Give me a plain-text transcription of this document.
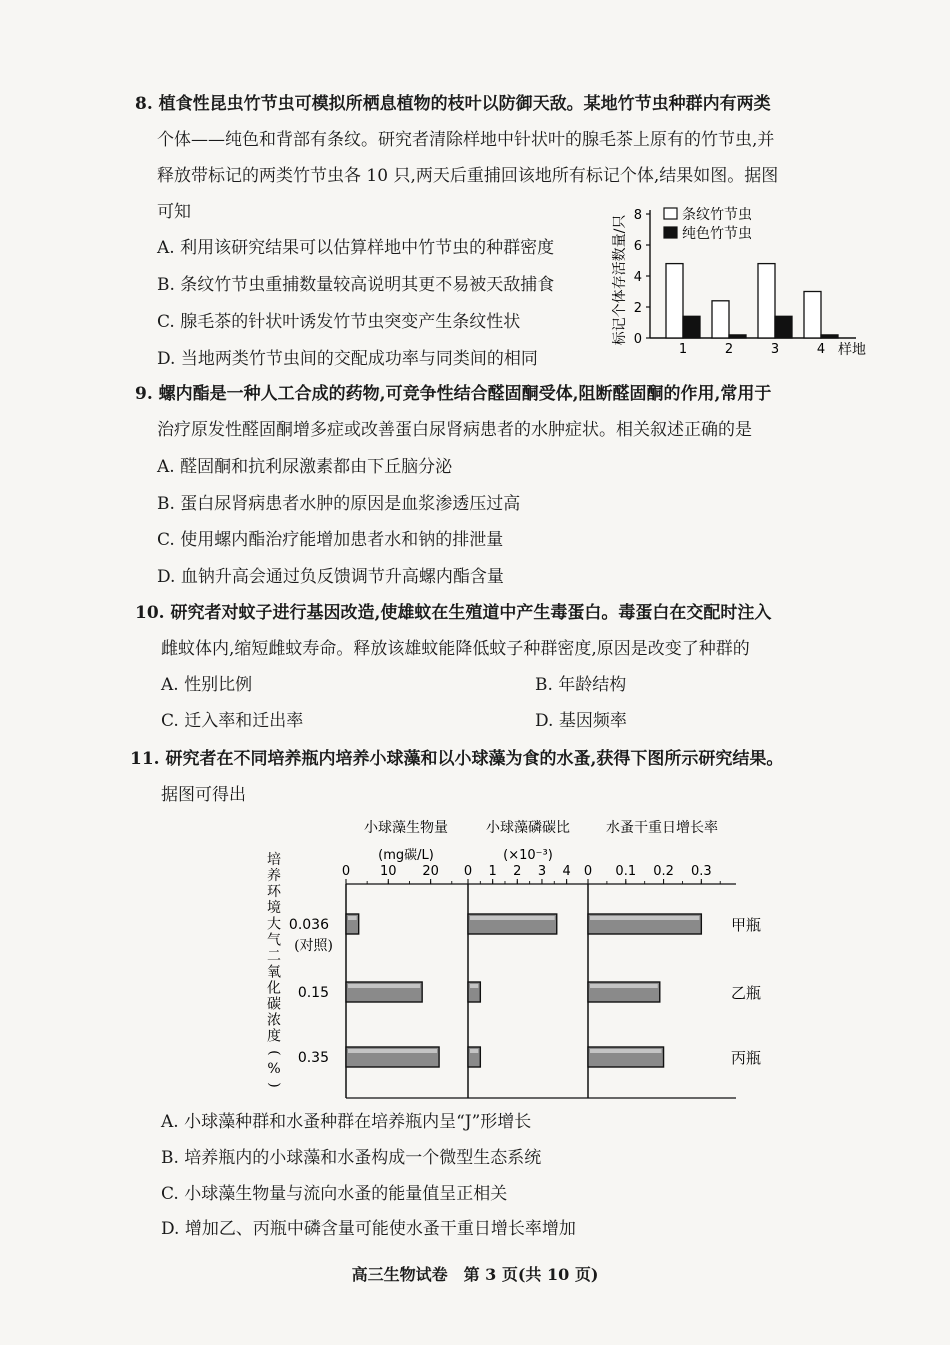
8. 植食性昆虫竹节虫可模拟所栖息植物的枝叶以防御天敌。某地竹节虫种群内有两类
个体——纯色和背部有条纹。研究者清除样地中针状叶的腺毛茶上原有的竹节虫,并
释放带标记的两类竹节虫各 10 只,两天后重捕回该地所有标记个体,结果如图。据图
可知
A. 利用该研究结果可以估算样地中竹节虫的种群密度
B. 条纹竹节虫重捕数量较高说明其更不易被天敌捕食
C. 腺毛茶的针状叶诱发竹节虫突变产生条纹性状
D. 当地两类竹节虫间的交配成功率与同类间的相同
标记个体存活数量/只 0
2
4
6
8
1	2	3	4
条纹竹节虫
纯色竹节虫
样地
9. 螺内酯是一种人工合成的药物,可竞争性结合醛固酮受体,阻断醛固酮的作用,常用于
治疗原发性醛固酮增多症或改善蛋白尿肾病患者的水肿症状。相关叙述正确的是
A. 醛固酮和抗利尿激素都由下丘脑分泌
B. 蛋白尿肾病患者水肿的原因是血浆渗透压过高
C. 使用螺内酯治疗能增加患者水和钠的排泄量
D. 血钠升高会通过负反馈调节升高螺内酯含量
10. 研究者对蚊子进行基因改造,使雄蚊在生殖道中产生毒蛋白。毒蛋白在交配时注入
雌蚊体内,缩短雌蚊寿命。释放该雄蚊能降低蚊子种群密度,原因是改变了种群的
A. 性别比例	B. 年龄结构
C. 迁入率和迁出率	D. 基因频率
11. 研究者在不同培养瓶内培养小球藻和以小球藻为食的水蚤,获得下图所示研究结果。
据图可得出
培
养
环
境
大
气
二
氧
化
碳
浓
度
(
%
)
0.036
(对照)
0.15
0.35
小球藻生物量
(mg碳/L)
0 10 20
小球藻磷碳比
(×10⁻³)
0 1 2 3 4
水蚤干重日增长率
0 0.1 0.2 0.3
甲瓶
乙瓶
丙瓶
A. 小球藻种群和水蚤种群在培养瓶内呈“J”形增长
B. 培养瓶内的小球藻和水蚤构成一个微型生态系统
C. 小球藻生物量与流向水蚤的能量值呈正相关
D. 增加乙、丙瓶中磷含量可能使水蚤干重日增长率增加
高三生物试卷　第 3 页(共 10 页)
